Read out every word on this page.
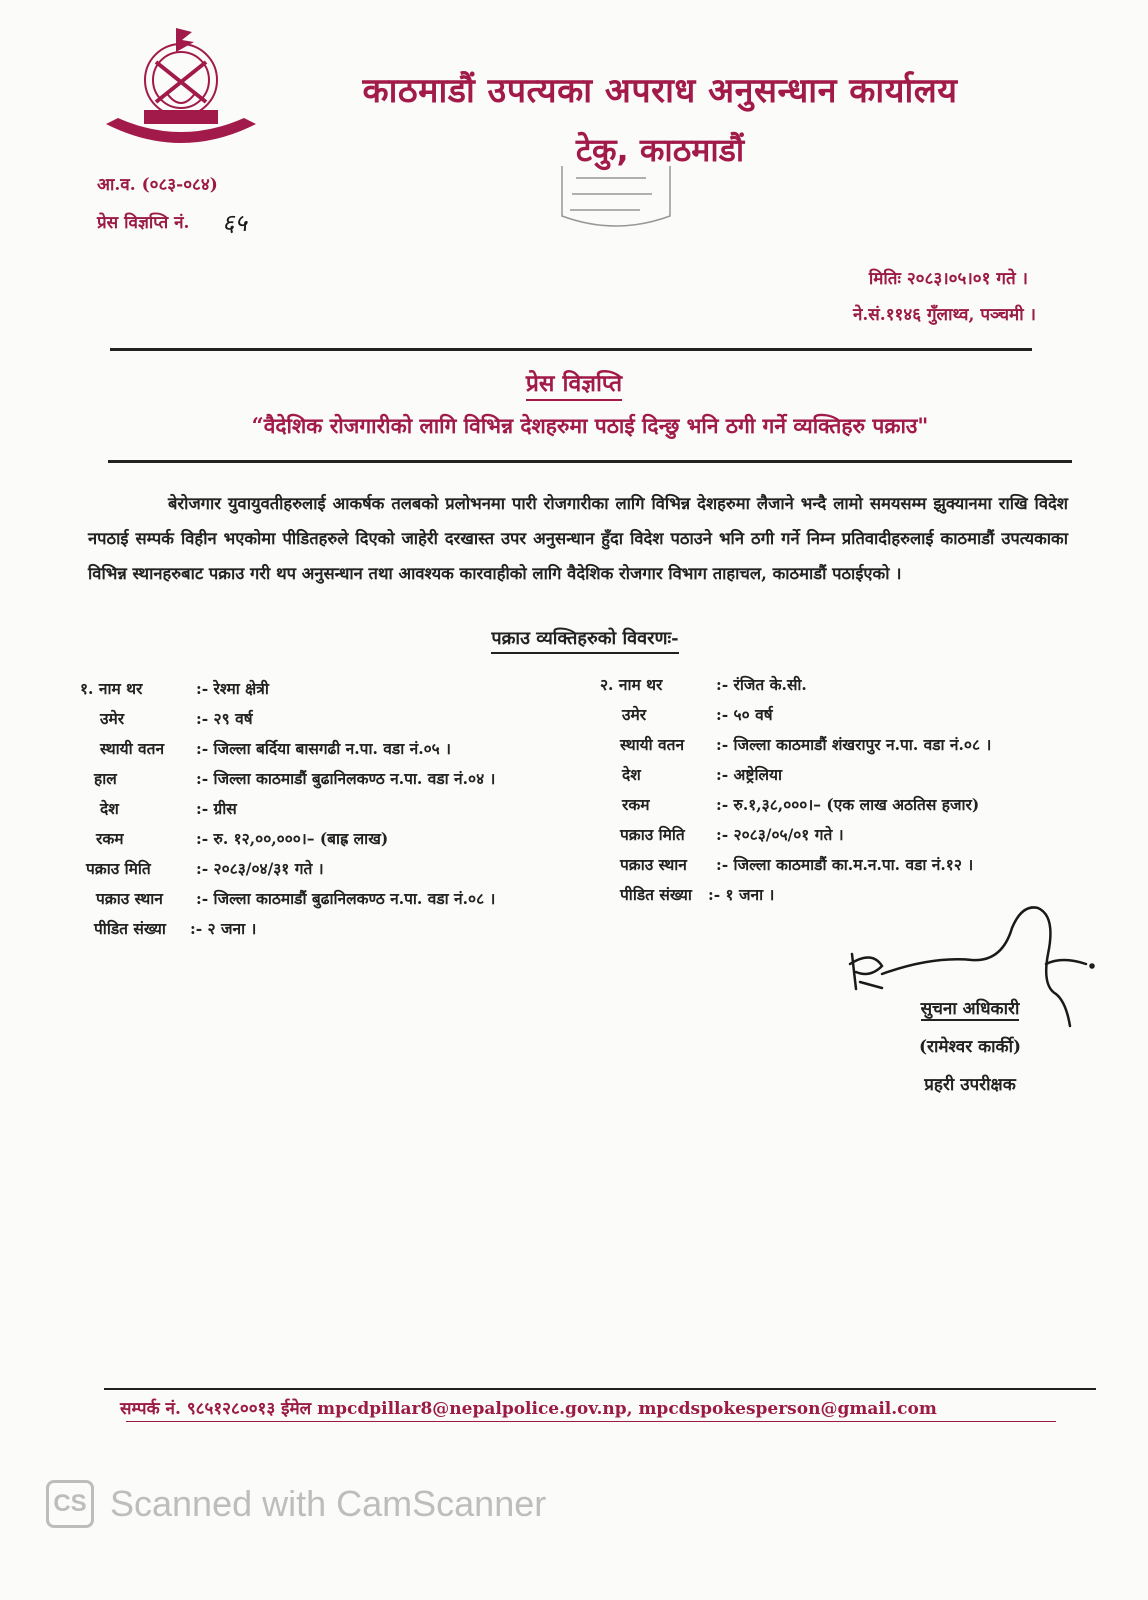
काठमाडौं उपत्यका अपराध अनुसन्धान कार्यालय
टेकु, काठमाडौं
आ.व. (०८३-०८४)
प्रेस विज्ञप्ति नं. ६५
मितिः २०८३।०५।०१ गते ।
ने.सं.११४६ गुँलाथ्व, पञ्चमी ।
प्रेस विज्ञप्ति
“वैदेशिक रोजगारीको लागि विभिन्न देशहरुमा पठाई दिन्छु भनि ठगी गर्ने व्यक्तिहरु पक्राउ"
बेरोजगार युवायुवतीहरुलाई आकर्षक तलबको प्रलोभनमा पारी रोजगारीका लागि विभिन्न देशहरुमा लैजाने भन्दै लामो समयसम्म झुक्यानमा राखि विदेश नपठाई सम्पर्क विहीन भएकोमा पीडितहरुले दिएको जाहेरी दरखास्त उपर अनुसन्धान हुँदा विदेश पठाउने भनि ठगी गर्ने निम्न प्रतिवादीहरुलाई काठमाडौं उपत्यकाका विभिन्न स्थानहरुबाट पक्राउ गरी थप अनुसन्धान तथा आवश्यक कारवाहीको लागि वैदेशिक रोजगार विभाग ताहाचल, काठमाडौं पठाईएको ।
पक्राउ व्यक्तिहरुको विवरणः-
१. नाम थर	:- रेश्मा क्षेत्री
उमेर	:- २९ वर्ष
स्थायी वतन :- जिल्ला बर्दिया बासगढी न.पा. वडा नं.०५ ।
हाल	:- जिल्ला काठमाडौं बुढानिलकण्ठ न.पा. वडा नं.०४ ।
देश	:- ग्रीस
रकम	:- रु. १२,००,०००।– (बाह्र लाख)
पक्राउ मिति	:- २०८३/०४/३१ गते ।
पक्राउ स्थान :- जिल्ला काठमाडौं बुढानिलकण्ठ न.पा. वडा नं.०८ ।
पीडित संख्या :- २ जना ।
२. नाम थर	:- रंजित के.सी.
उमेर	:- ५० वर्ष
स्थायी वतन :- जिल्ला काठमाडौं शंखरापुर न.पा. वडा नं.०८ ।
देश	:- अष्ट्रेलिया
रकम	:- रु.१,३८,०००।– (एक लाख अठतिस हजार)
पक्राउ मिति :- २०८३/०५/०१ गते ।
पक्राउ स्थान :- जिल्ला काठमाडौं का.म.न.पा. वडा नं.१२ ।
पीडित संख्या :- १ जना ।
सुचना अधिकारी
(रामेश्वर कार्की)
प्रहरी उपरीक्षक
सम्पर्क नं. ९८५१२८००१३ ईमेल mpcdpillar8@nepalpolice.gov.np, mpcdspokesperson@gmail.com
CS Scanned with CamScanner
